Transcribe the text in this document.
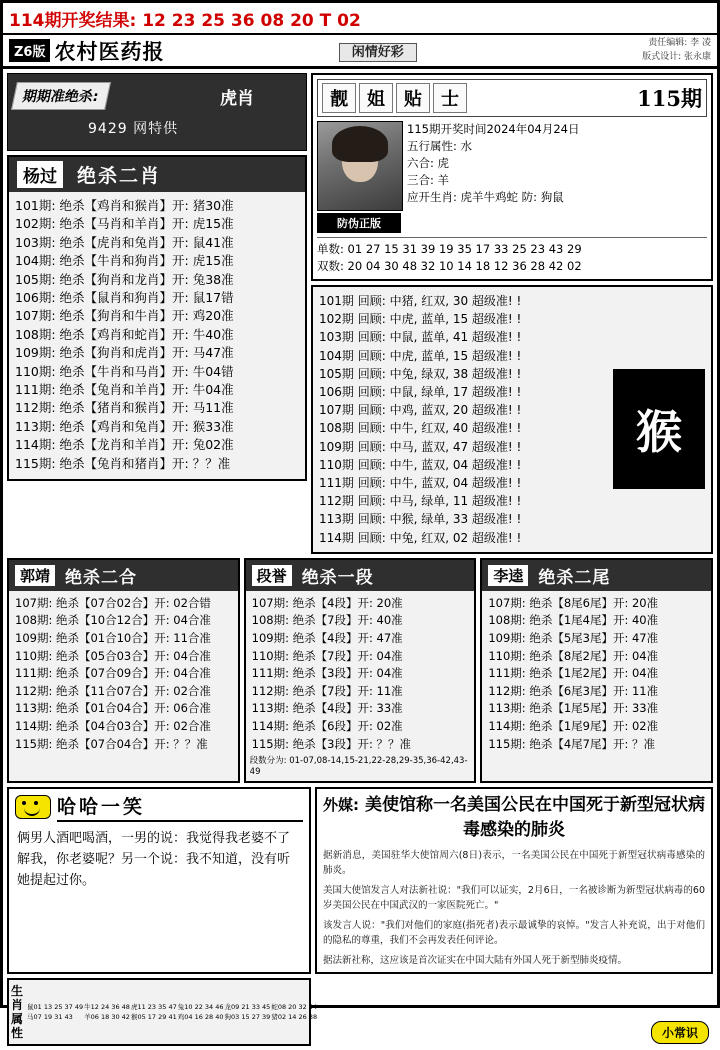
114期开奖结果: 12 23 25 36 08 20 T 02
Z6版 农村医药报	闲情好彩
责任编辑: 李 凌
版式设计: 张永康
期期准绝杀:	虎肖
9429 网特供
杨过	绝杀二肖
101期: 绝杀【鸡肖和猴肖】开: 猪30准
102期: 绝杀【马肖和羊肖】开: 虎15准
103期: 绝杀【虎肖和兔肖】开: 鼠41准
104期: 绝杀【牛肖和狗肖】开: 虎15准
105期: 绝杀【狗肖和龙肖】开: 兔38准
106期: 绝杀【鼠肖和狗肖】开: 鼠17错
107期: 绝杀【狗肖和牛肖】开: 鸡20准
108期: 绝杀【鸡肖和蛇肖】开: 牛40准
109期: 绝杀【狗肖和虎肖】开: 马47准
110期: 绝杀【牛肖和马肖】开: 牛04错
111期: 绝杀【兔肖和羊肖】开: 牛04准
112期: 绝杀【猪肖和猴肖】开: 马11准
113期: 绝杀【鸡肖和兔肖】开: 猴33准
114期: 绝杀【龙肖和羊肖】开: 兔02准
115期: 绝杀【兔肖和猪肖】开: ？？准
靓	姐	贴	士	115期
防伪正版
115期开奖时间2024年04月24日
五行属性: 水
六合: 虎
三合: 羊
应开生肖: 虎羊牛鸡蛇 防: 狗鼠
单数: 01 27 15 31 39 19 35 17 33 25 23 43 29
双数: 20 04 30 48 32 10 14 18 12 36 28 42 02
101期 回顾: 中猪, 红双, 30 超级准! !
102期 回顾: 中虎, 蓝单, 15 超级准! !
103期 回顾: 中鼠, 蓝单, 41 超级准! !
104期 回顾: 中虎, 蓝单, 15 超级准! !
105期 回顾: 中兔, 绿双, 38 超级准! !
106期 回顾: 中鼠, 绿单, 17 超级准! !
107期 回顾: 中鸡, 蓝双, 20 超级准! !
108期 回顾: 中牛, 红双, 40 超级准! !
109期 回顾: 中马, 蓝双, 47 超级准! !
110期 回顾: 中牛, 蓝双, 04 超级准! !
111期 回顾: 中牛, 蓝双, 04 超级准! !
112期 回顾: 中马, 绿单, 11 超级准! !
113期 回顾: 中猴, 绿单, 33 超级准! !
114期 回顾: 中兔, 红双, 02 超级准! !
猴
郭靖 绝杀二合
107期: 绝杀【07合02合】开: 02合错
108期: 绝杀【10合12合】开: 04合准
109期: 绝杀【01合10合】开: 11合准
110期: 绝杀【05合03合】开: 04合准
111期: 绝杀【07合09合】开: 04合准
112期: 绝杀【11合07合】开: 02合准
113期: 绝杀【01合04合】开: 06合准
114期: 绝杀【04合03合】开: 02合准
115期: 绝杀【07合04合】开: ？？准
段誉 绝杀一段
107期: 绝杀【4段】开: 20准
108期: 绝杀【7段】开: 40准
109期: 绝杀【4段】开: 47准
110期: 绝杀【7段】开: 04准
111期: 绝杀【3段】开: 04准
112期: 绝杀【7段】开: 11准
113期: 绝杀【4段】开: 33准
114期: 绝杀【6段】开: 02准
115期: 绝杀【3段】开: ？？准
段数分为: 01-07,08-14,15-21,22-28,29-35,36-42,43-49
李逵 绝杀二尾
107期: 绝杀【8尾6尾】开: 20准
108期: 绝杀【1尾4尾】开: 40准
109期: 绝杀【5尾3尾】开: 47准
110期: 绝杀【8尾2尾】开: 04准
111期: 绝杀【1尾2尾】开: 04准
112期: 绝杀【6尾3尾】开: 11准
113期: 绝杀【1尾5尾】开: 33准
114期: 绝杀【1尾9尾】开: 02准
115期: 绝杀【4尾7尾】开: ？准
哈哈一笑
俩男人酒吧喝酒，一男的说：我觉得我老婆不了解我，你老婆呢？另一个说：我不知道，没有听她提起过你。
外媒: 美使馆称一名美国公民在中国死于新型冠状病毒感染的肺炎
据新消息，美国驻华大使馆周六(8日)表示，一名美国公民在中国死于新型冠状病毒感染的肺炎。
美国大使馆发言人对法新社说："我们可以证实，2月6日，一名被诊断为新型冠状病毒的60岁美国公民在中国武汉的一家医院死亡。"
该发言人说："我们对他们的家庭(指死者)表示最诚挚的哀悼。"发言人补充说，出于对他们的隐私的尊重，我们不会再发表任何评论。
据法新社称，这应该是首次证实在中国大陆有外国人死于新型肺炎疫情。
生肖属性
鼠01 13 25 37 49 牛12 24 36 48 虎11 23 35 47 兔10 22 34 46 龙09 21 33 45 蛇08 20 32 44
马07 19 31 43	羊06 18 30 42 猴05 17 29 41 鸡04 16 28 40 狗03 15 27 39 猪02 14 26 38
小常识
